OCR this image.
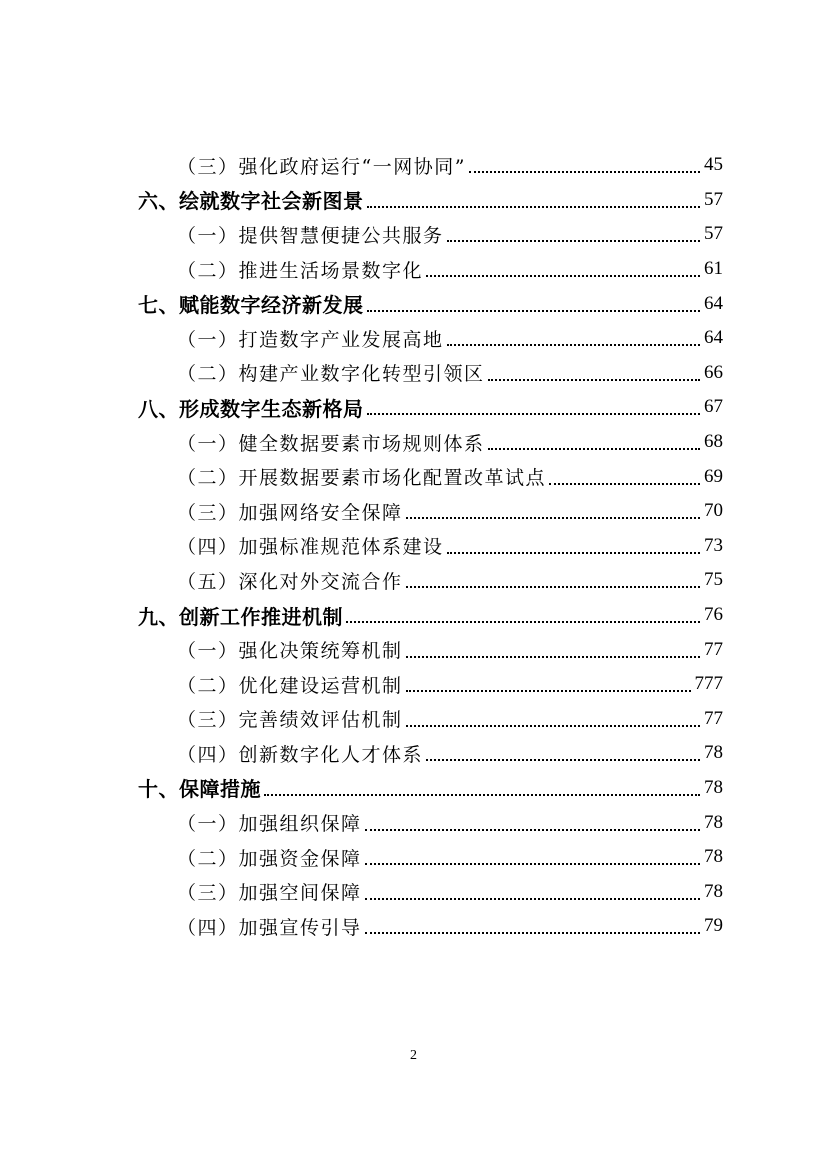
（三）强化政府运行“一网协同”	45
六、绘就数字社会新图景	57
（一）提供智慧便捷公共服务	57
（二）推进生活场景数字化	61
七、赋能数字经济新发展	64
（一）打造数字产业发展高地	64
（二）构建产业数字化转型引领区	66
八、形成数字生态新格局	67
（一）健全数据要素市场规则体系	68
（二）开展数据要素市场化配置改革试点	69
（三）加强网络安全保障	70
（四）加强标准规范体系建设	73
（五）深化对外交流合作	75
九、创新工作推进机制	76
（一）强化决策统筹机制	77
（二）优化建设运营机制	777
（三）完善绩效评估机制	77
（四）创新数字化人才体系	78
十、保障措施	78
（一）加强组织保障	78
（二）加强资金保障	78
（三）加强空间保障	78
（四）加强宣传引导	79
2
